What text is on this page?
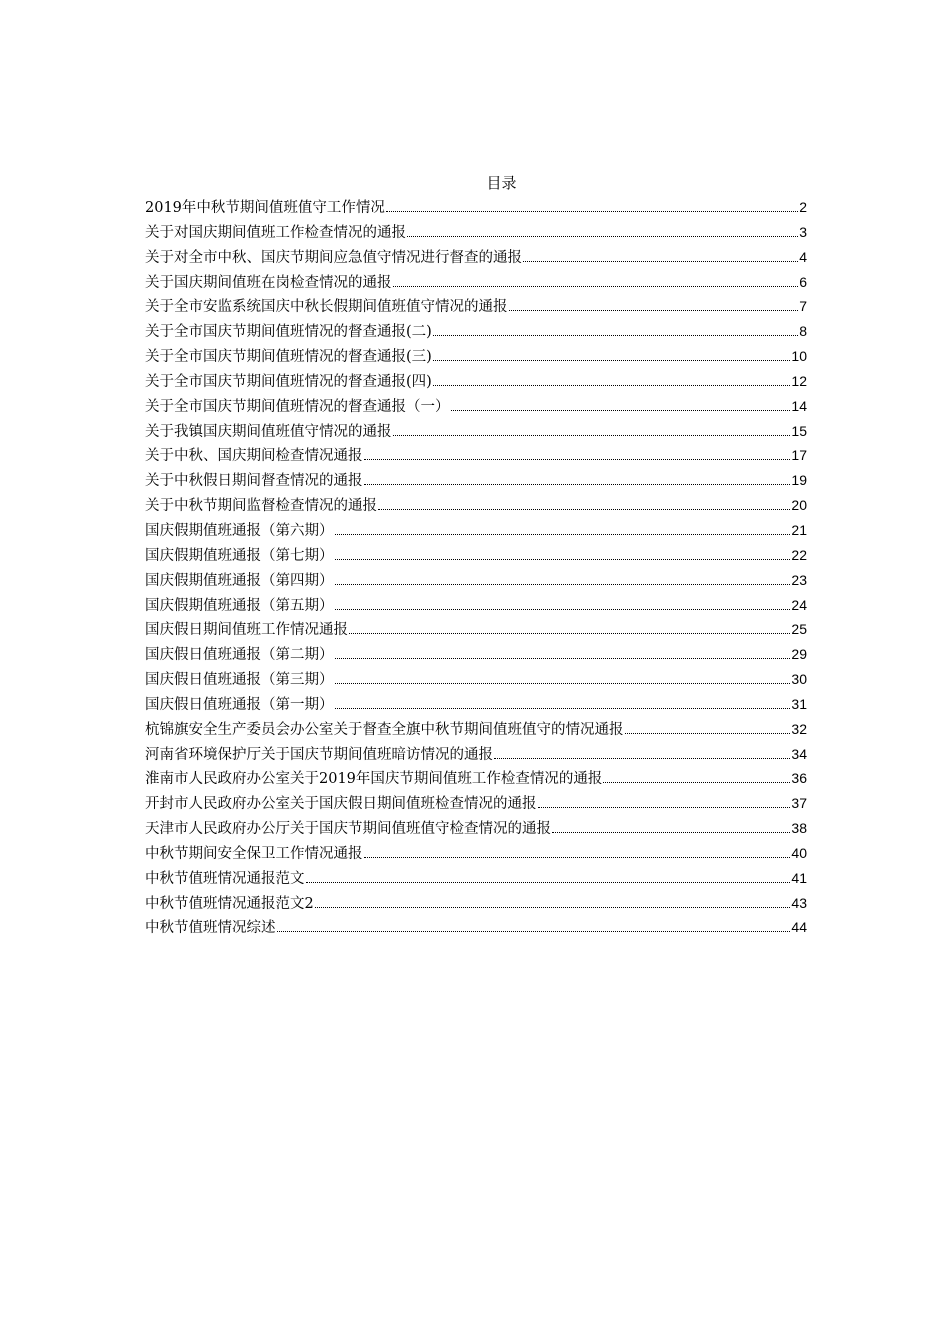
目录
2019年中秋节期间值班值守工作情况	2
关于对国庆期间值班工作检查情况的通报	3
关于对全市中秋、国庆节期间应急值守情况进行督查的通报	4
关于国庆期间值班在岗检查情况的通报	6
关于全市安监系统国庆中秋长假期间值班值守情况的通报	7
关于全市国庆节期间值班情况的督查通报(二)	8
关于全市国庆节期间值班情况的督查通报(三)	10
关于全市国庆节期间值班情况的督查通报(四)	12
关于全市国庆节期间值班情况的督查通报（一）	14
关于我镇国庆期间值班值守情况的通报	15
关于中秋、国庆期间检查情况通报	17
关于中秋假日期间督查情况的通报	19
关于中秋节期间监督检查情况的通报	20
国庆假期值班通报（第六期）	21
国庆假期值班通报（第七期）	22
国庆假期值班通报（第四期）	23
国庆假期值班通报（第五期）	24
国庆假日期间值班工作情况通报	25
国庆假日值班通报（第二期）	29
国庆假日值班通报（第三期）	30
国庆假日值班通报（第一期）	31
杭锦旗安全生产委员会办公室关于督查全旗中秋节期间值班值守的情况通报	32
河南省环境保护厅关于国庆节期间值班暗访情况的通报	34
淮南市人民政府办公室关于2019年国庆节期间值班工作检查情况的通报	36
开封市人民政府办公室关于国庆假日期间值班检查情况的通报	37
天津市人民政府办公厅关于国庆节期间值班值守检查情况的通报	38
中秋节期间安全保卫工作情况通报	40
中秋节值班情况通报范文	41
中秋节值班情况通报范文2	43
中秋节值班情况综述	44
